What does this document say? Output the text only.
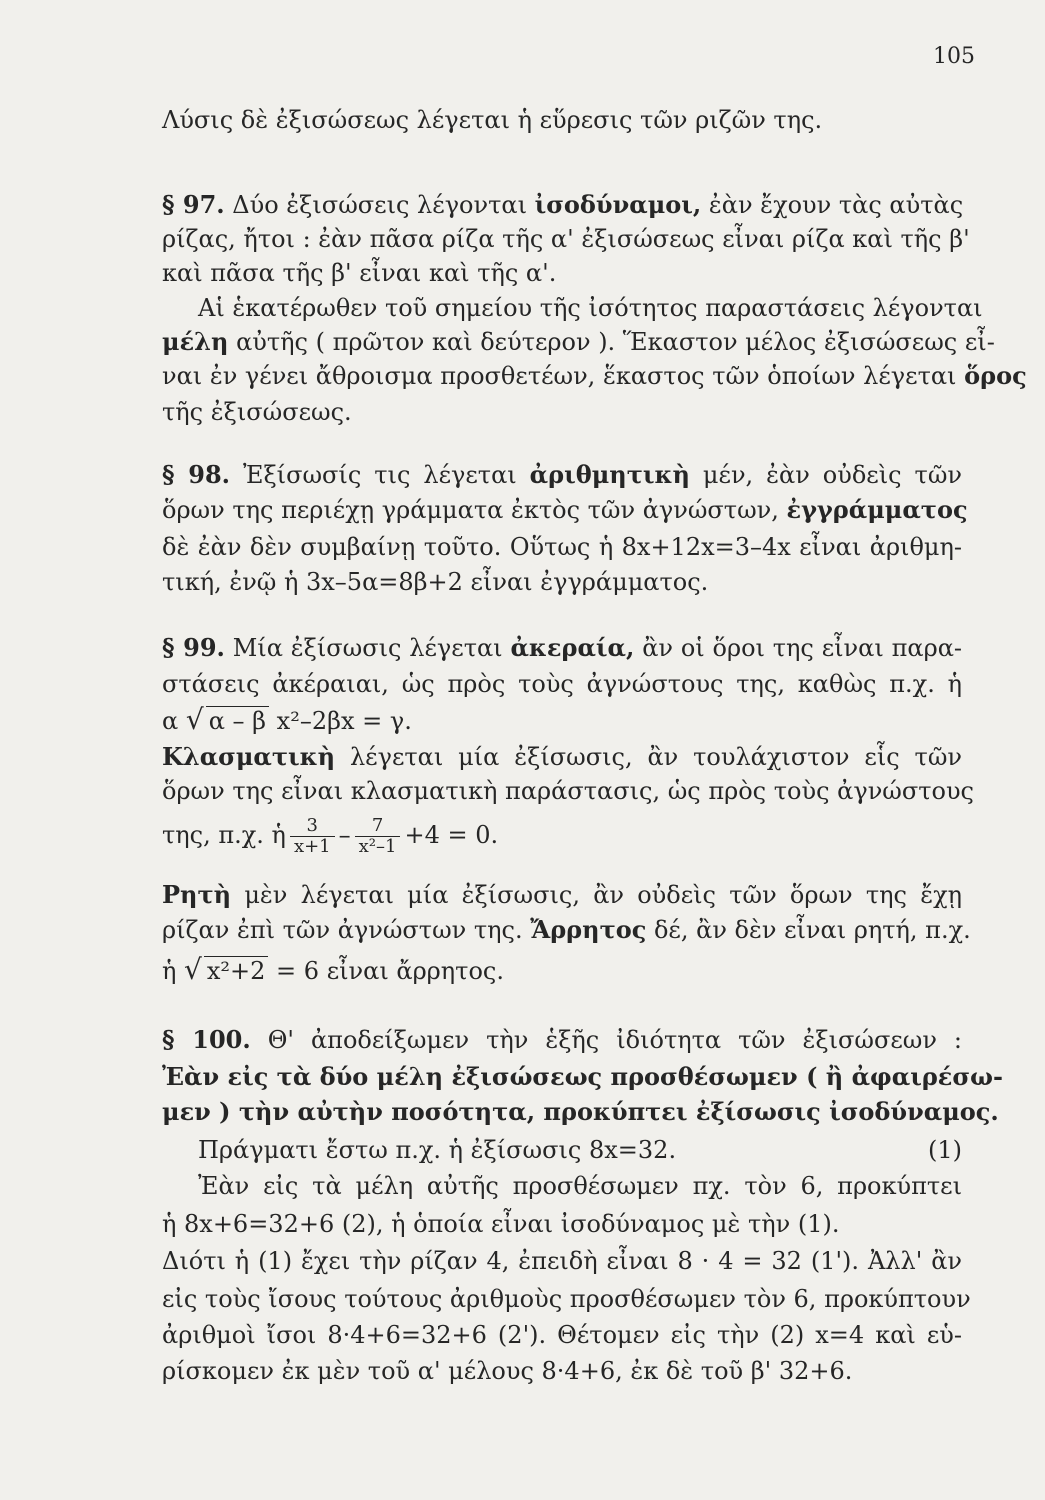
105
Λύσις δὲ ἐξισώσεως λέγεται ἡ εὕρεσις τῶν ριζῶν της.
§ 97. Δύο ἐξισώσεις λέγονται ἰσοδύναμοι, ἐὰν ἔχουν τὰς αὐτὰς
ρίζας, ἤτοι : ἐὰν πᾶσα ρίζα τῆς α' ἐξισώσεως εἶναι ρίζα καὶ τῆς β'
καὶ πᾶσα τῆς β' εἶναι καὶ τῆς α'.
Αἱ ἑκατέρωθεν τοῦ σημείου τῆς ἰσότητος παραστάσεις λέγονται
μέλη αὐτῆς ( πρῶτον καὶ δεύτερον ). Ἕκαστον μέλος ἐξισώσεως εἶ-
ναι ἐν γένει ἄθροισμα προσθετέων, ἕκαστος τῶν ὁποίων λέγεται ὅρος
τῆς ἐξισώσεως.
§ 98. Ἐξίσωσίς τις λέγεται ἀριθμητικὴ μέν, ἐὰν οὐδεὶς τῶν
ὅρων της περιέχῃ γράμματα ἐκτὸς τῶν ἀγνώστων, ἐγγράμματος
δὲ ἐὰν δὲν συμβαίνῃ τοῦτο. Οὕτως ἡ 8x+12x=3–4x εἶναι ἀριθμη-
τική, ἐνῷ ἡ 3x–5α=8β+2 εἶναι ἐγγράμματος.
§ 99. Μία ἐξίσωσις λέγεται ἀκεραία, ἂν οἱ ὅροι της εἶναι παρα-
στάσεις ἀκέραιαι, ὡς πρὸς τοὺς ἀγνώστους της, καθὼς π.χ. ἡ
α √ α – β x²–2βx = γ.
Κλασματικὴ λέγεται μία ἐξίσωσις, ἂν τουλάχιστον εἷς τῶν
ὅρων της εἶναι κλασματικὴ παράστασις, ὡς πρὸς τοὺς ἀγνώστους
της, π.χ. ἡ $\frac{3}{x+1} - \frac{7}{\text{x²–1}} +4 = 0$.
Ρητὴ μὲν λέγεται μία ἐξίσωσις, ἂν οὐδεὶς τῶν ὅρων της ἔχῃ
ρίζαν ἐπὶ τῶν ἀγνώστων της. Ἄρρητος δέ, ἂν δὲν εἶναι ρητή, π.χ.
ἡ √ x²+2 = 6 εἶναι ἄρρητος.
§ 100. Θ' ἀποδείξωμεν τὴν ἑξῆς ἰδιότητα τῶν ἐξισώσεων :
Ἐὰν εἰς τὰ δύο μέλη ἐξισώσεως προσθέσωμεν ( ἢ ἀφαιρέσω-
μεν ) τὴν αὐτὴν ποσότητα, προκύπτει ἐξίσωσις ἰσοδύναμος.
Πράγματι ἔστω π.χ. ἡ ἐξίσωσις 8x=32.	(1)
Ἐὰν εἰς τὰ μέλη αὐτῆς προσθέσωμεν πχ. τὸν 6, προκύπτει
ἡ 8x+6=32+6 (2), ἡ ὁποία εἶναι ἰσοδύναμος μὲ τὴν (1).
Διότι ἡ (1) ἔχει τὴν ρίζαν 4, ἐπειδὴ εἶναι 8 · 4 = 32 (1'). Ἀλλ' ἂν
εἰς τοὺς ἴσους τούτους ἀριθμοὺς προσθέσωμεν τὸν 6, προκύπτουν
ἀριθμοὶ ἴσοι 8·4+6=32+6 (2'). Θέτομεν εἰς τὴν (2) x=4 καὶ εὑ-
ρίσκομεν ἐκ μὲν τοῦ α' μέλους 8·4+6, ἐκ δὲ τοῦ β' 32+6.
